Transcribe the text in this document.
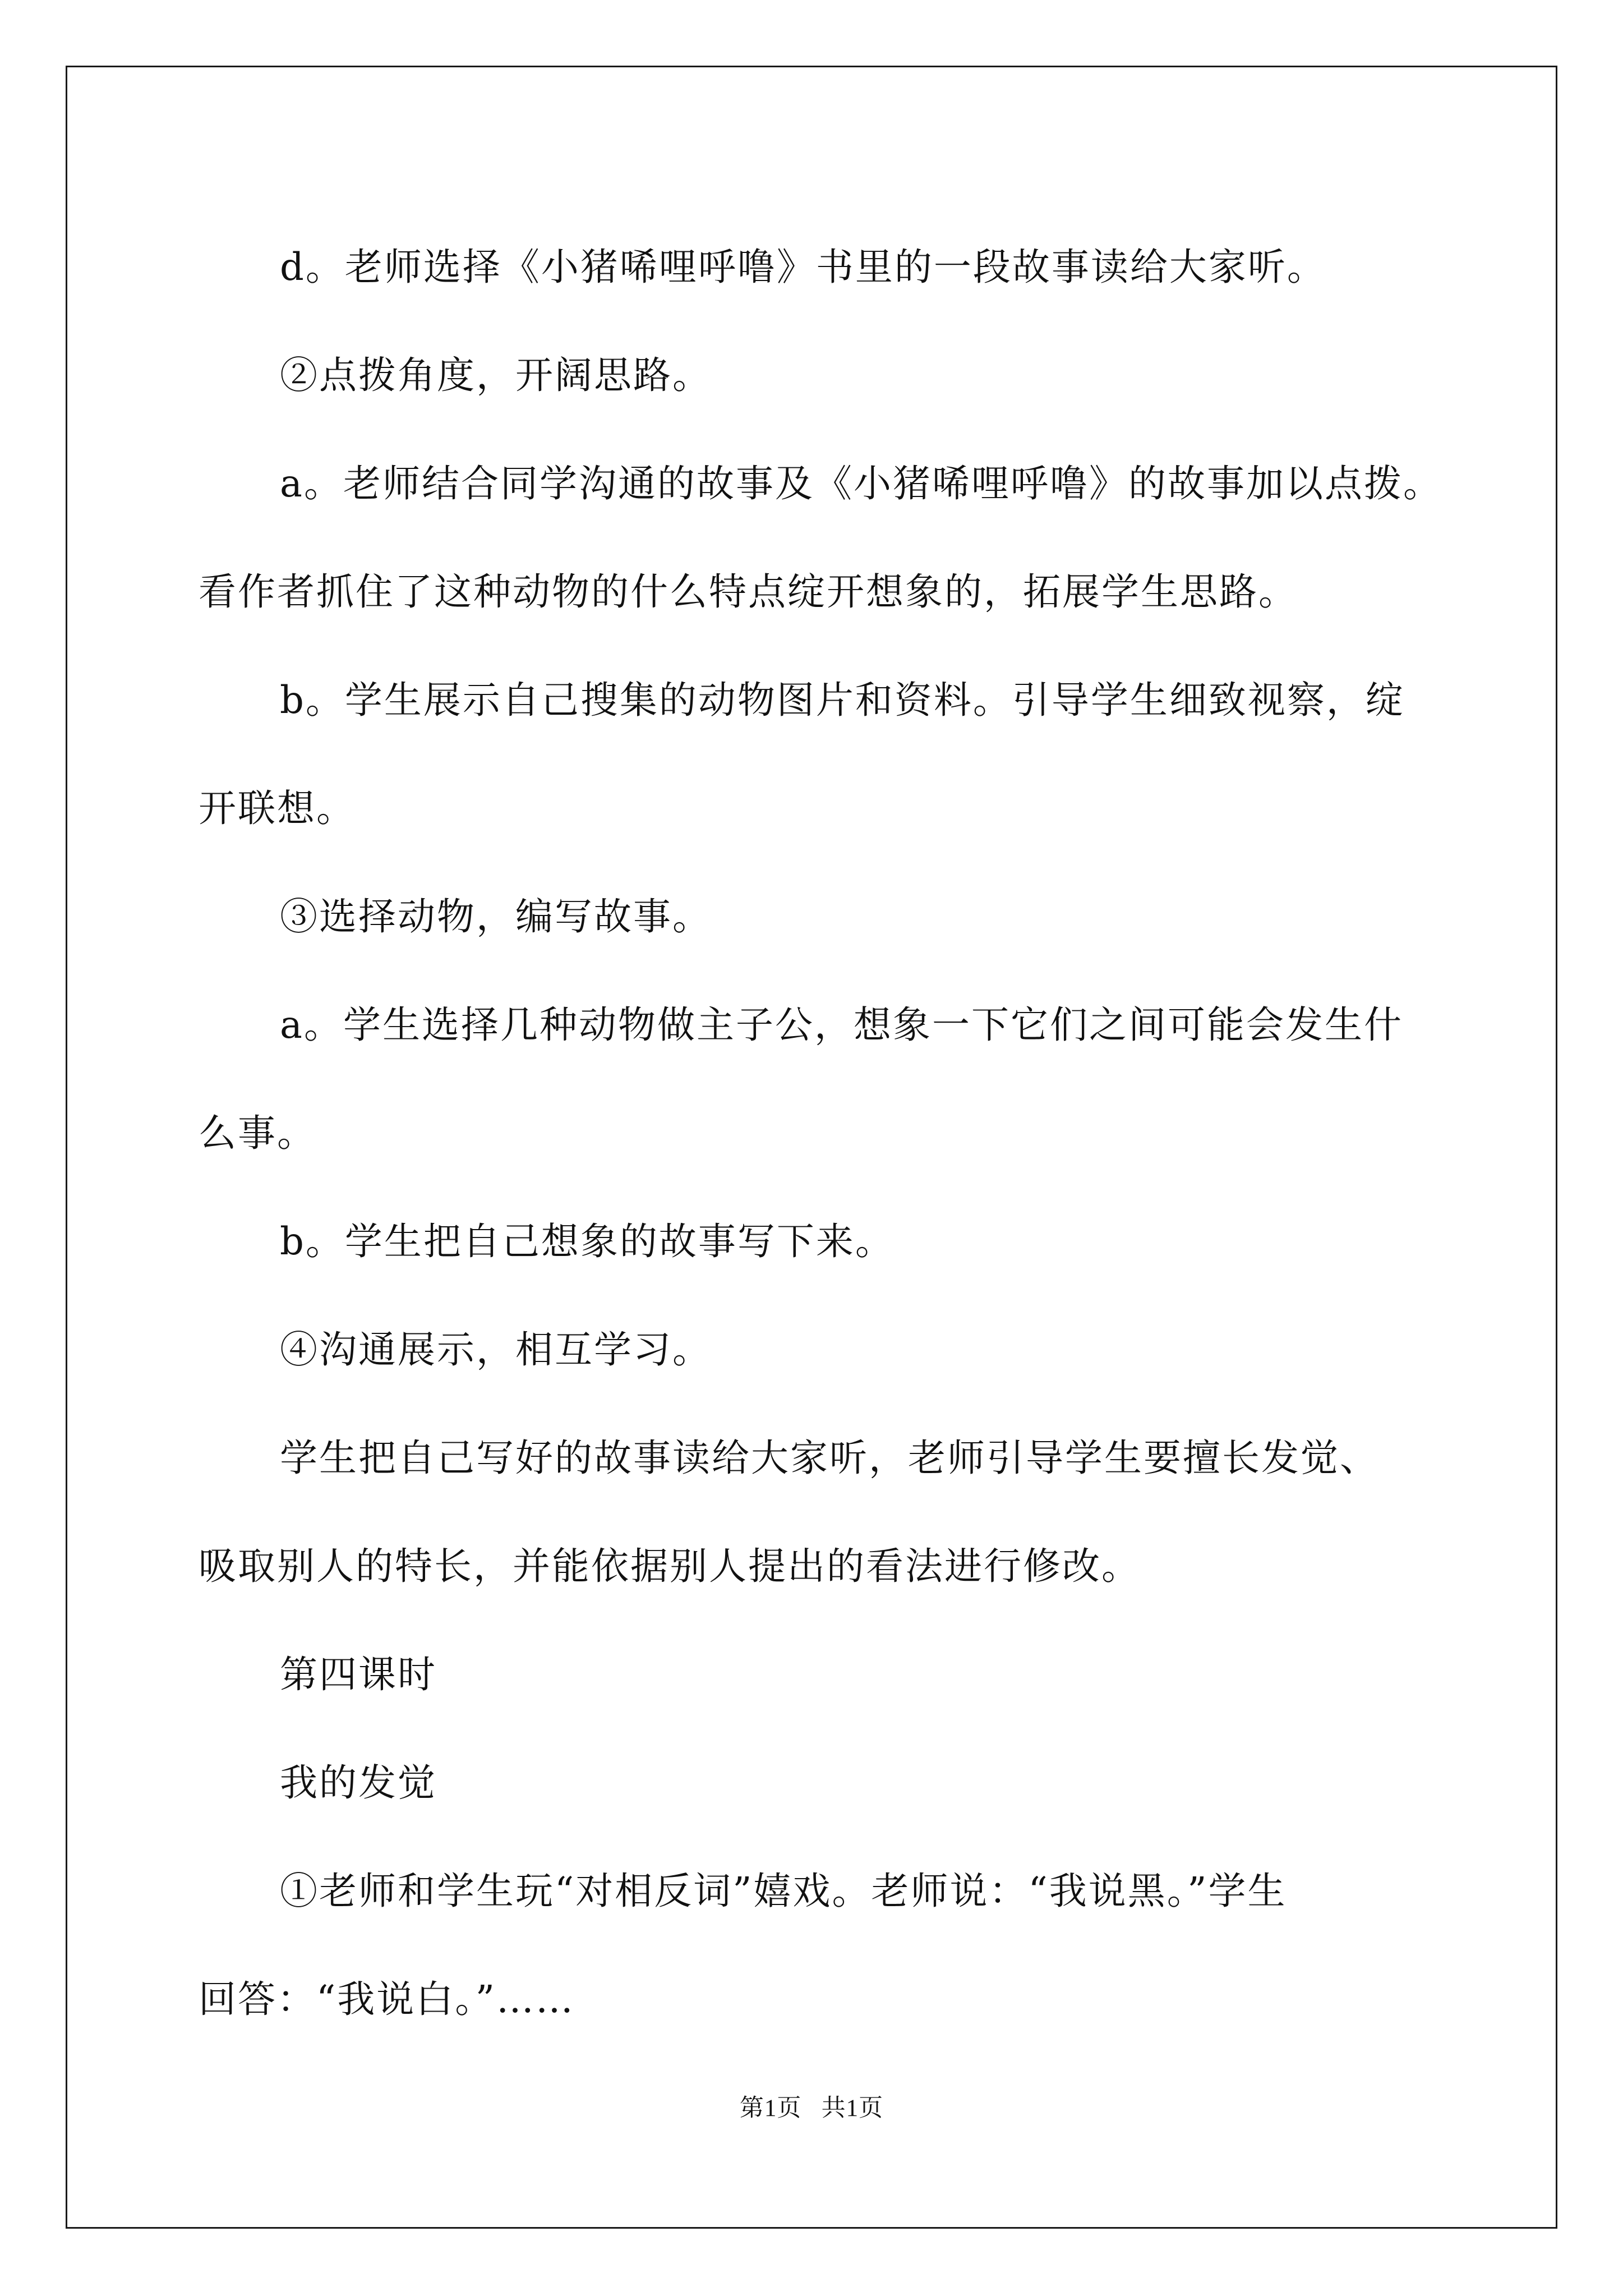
d。老师选择《小猪唏哩呼噜》书里的一段故事读给大家听。

②点拨角度，开阔思路。

a。老师结合同学沟通的故事及《小猪唏哩呼噜》的故事加以点拨。

看作者抓住了这种动物的什么特点绽开想象的，拓展学生思路。

b。学生展示自己搜集的动物图片和资料。引导学生细致视察，绽

开联想。

③选择动物，编写故事。

a。学生选择几种动物做主子公，想象一下它们之间可能会发生什

么事。

b。学生把自己想象的故事写下来。

④沟通展示，相互学习。

学生把自己写好的故事读给大家听，老师引导学生要擅长发觉、

吸取别人的特长，并能依据别人提出的看法进行修改。

第四课时

我的发觉

①老师和学生玩“对相反词”嬉戏。老师说：“我说黑。”学生

回答：“我说白。”……

第1页 共1页
